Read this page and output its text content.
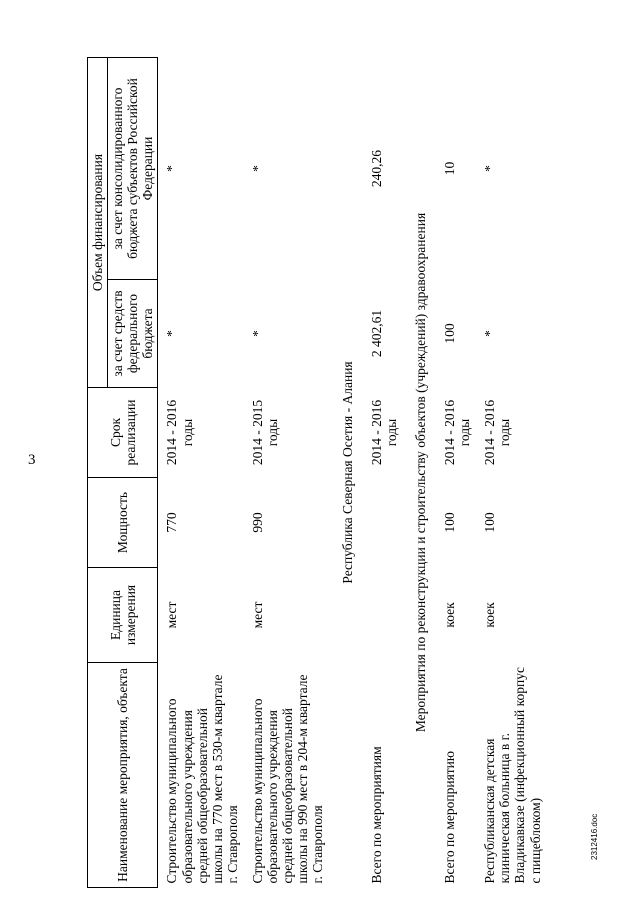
3
Наименование мероприятия, объекта	Единица измерения	Мощность	Срок реализации	Объем финансирования	
				за счет средств федерального бюджета	за счет консолидированного бюджета субъектов Российской Федерации
Строительство муниципального образовательного учреждения средней общеобразовательной школы на 770 мест в 530-м квартале г. Ставрополя	мест	770	2014 - 2016 годы	*	*
Строительство муниципального образовательного учреждения средней общеобразовательной школы на 990 мест в 204-м квартале г. Ставрополя	мест	990	2014 - 2015 годы	*	*
Республика Северная Осетия - Алания					
Всего по мероприятиям			2014 - 2016 годы	2 402,61	240,26
Мероприятия по реконструкции и строительству объектов (учреждений) здравоохранения					
Всего по мероприятию	коек	100	2014 - 2016 годы	100	10
Республиканская детская клиническая больница в г. Владикавказе (инфекционный корпус с пищеблоком)	коек	100	2014 - 2016 годы	*	*
2312416.doc
